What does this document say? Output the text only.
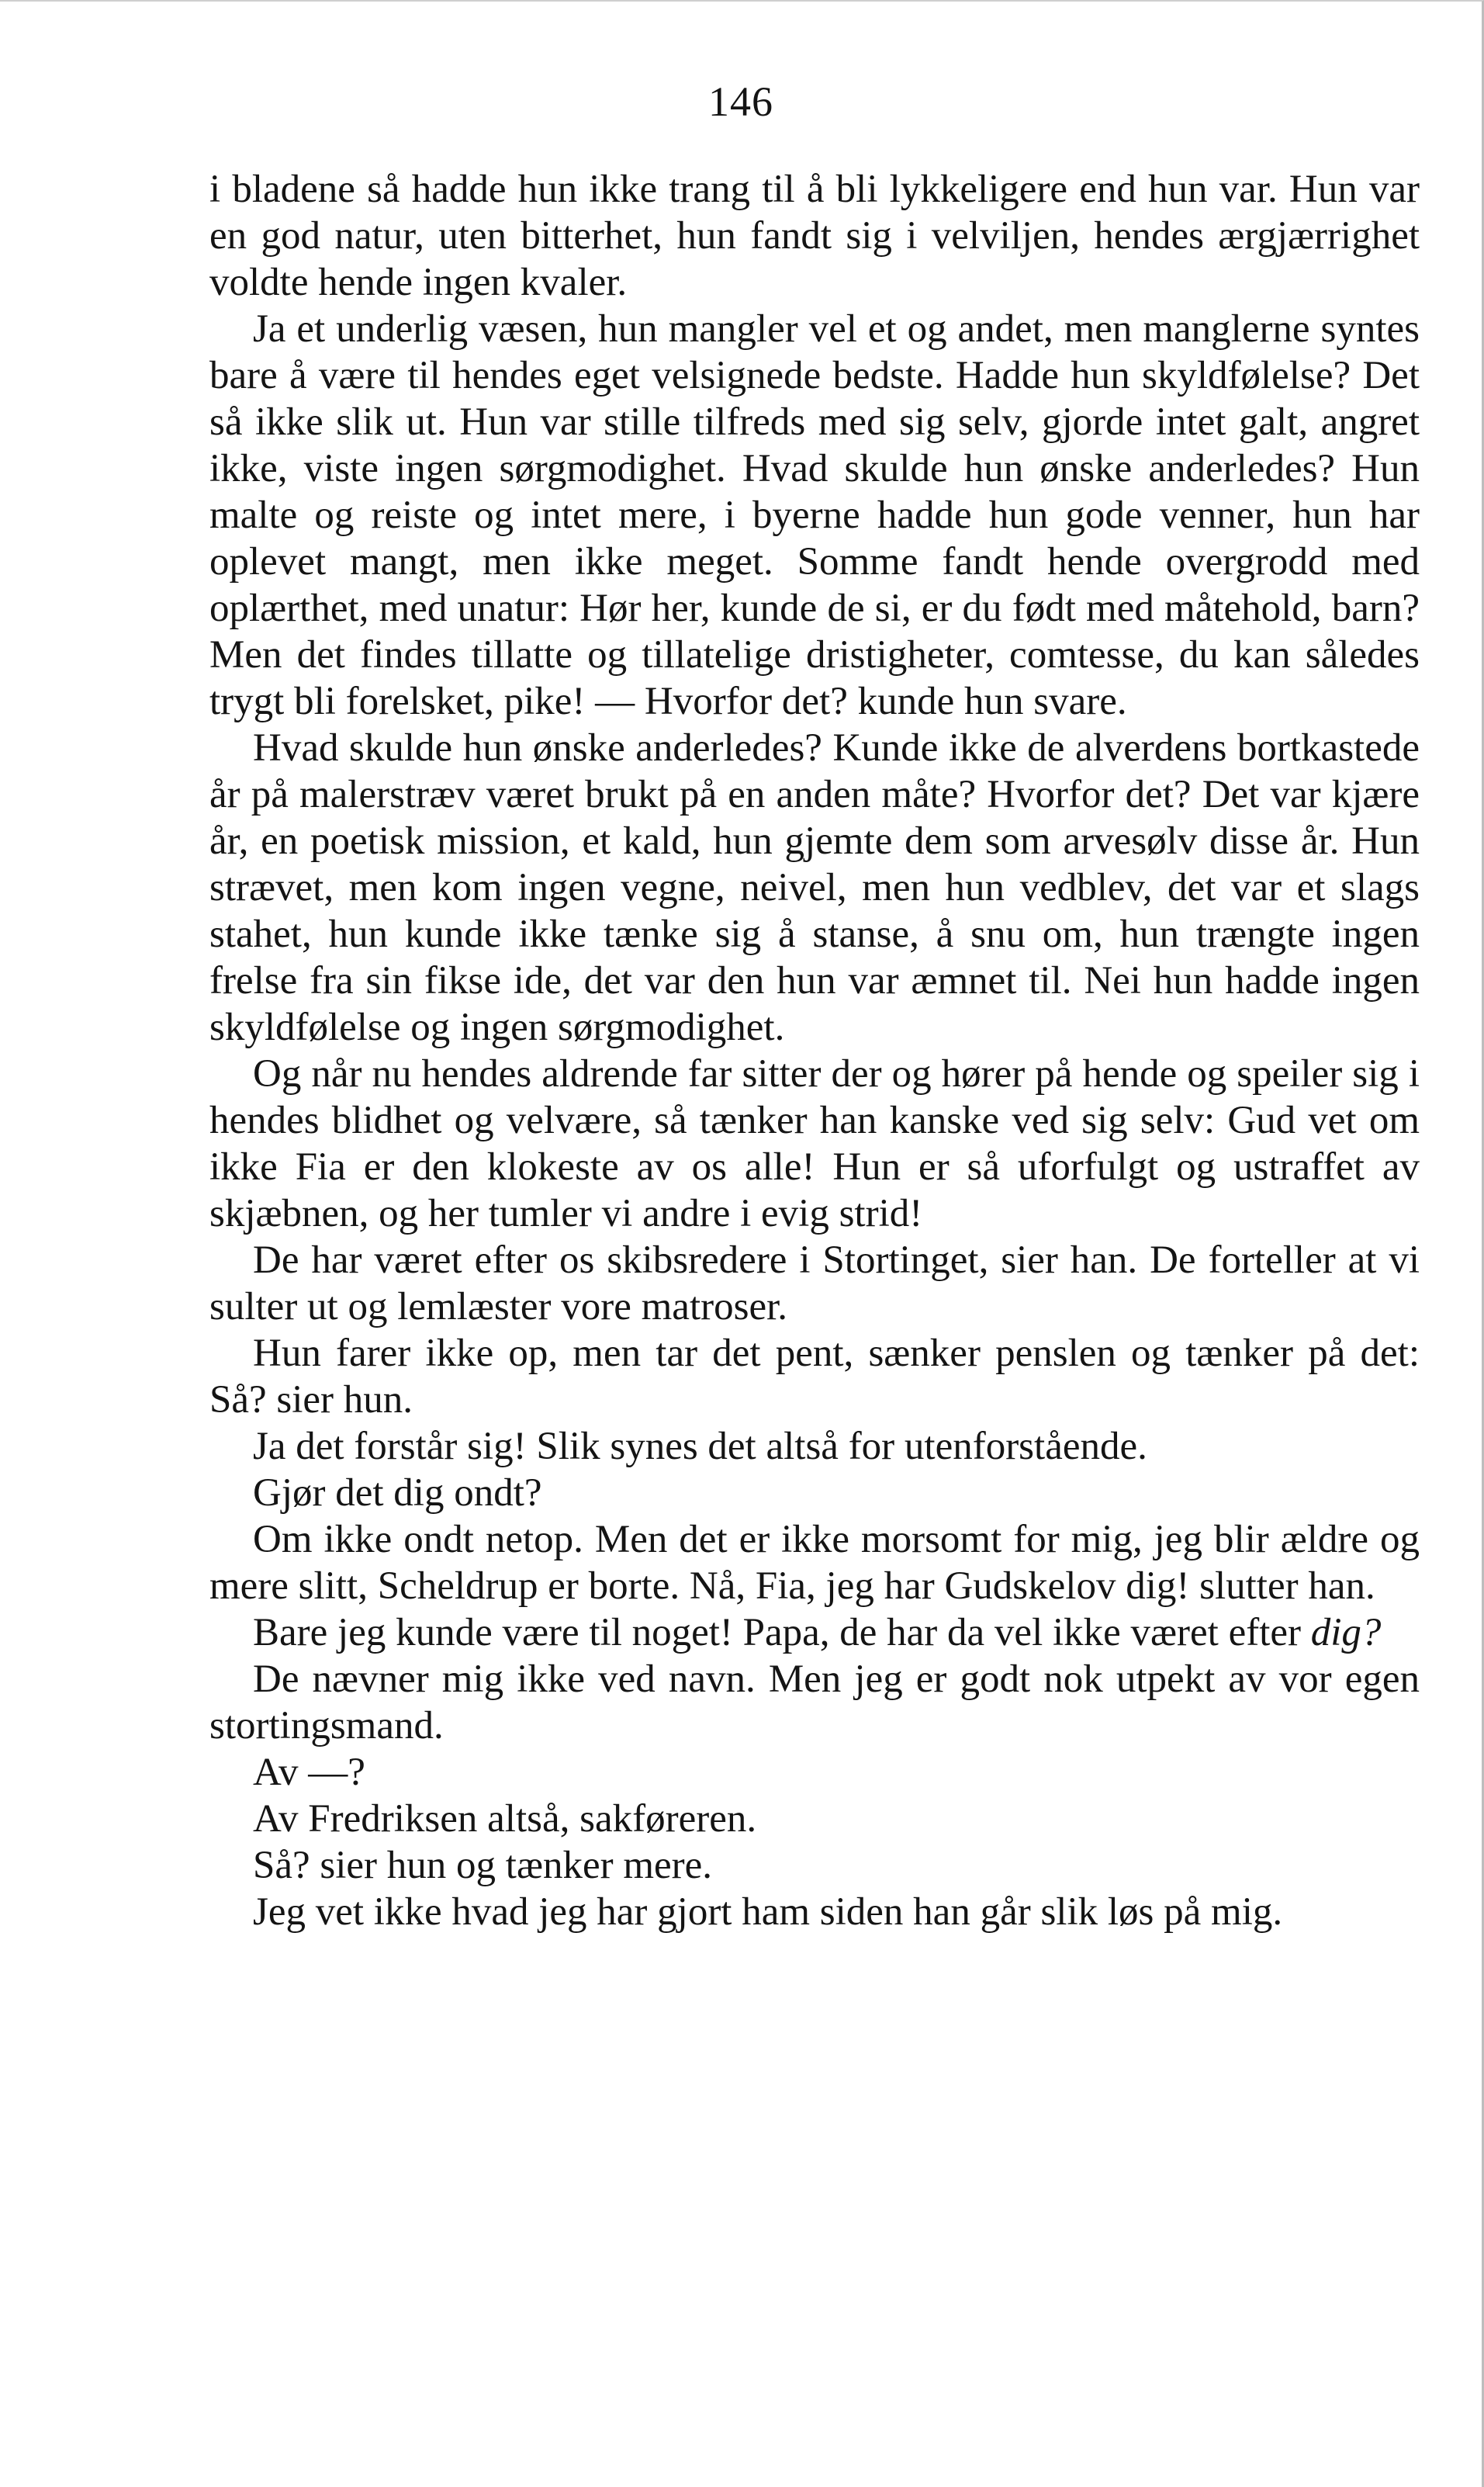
146

i bladene så hadde hun ikke trang til å bli lykkeligere end hun var. Hun var en god natur, uten bitterhet, hun fandt sig i velviljen, hendes ærgjærrighet voldte hende ingen kvaler.

Ja et underlig væsen, hun mangler vel et og andet, men manglerne syntes bare å være til hendes eget velsignede bedste. Hadde hun skyldfølelse? Det så ikke slik ut. Hun var stille tilfreds med sig selv, gjorde intet galt, angret ikke, viste ingen sørgmodighet. Hvad skulde hun ønske anderledes? Hun malte og reiste og intet mere, i byerne hadde hun gode venner, hun har oplevet mangt, men ikke meget. Somme fandt hende overgrodd med oplærthet, med unatur: Hør her, kunde de si, er du født med måtehold, barn? Men det findes tillatte og tillatelige dristigheter, comtesse, du kan således trygt bli forelsket, pike! — Hvorfor det? kunde hun svare.

Hvad skulde hun ønske anderledes? Kunde ikke de alverdens bortkastede år på malerstræv været brukt på en anden måte? Hvorfor det? Det var kjære år, en poetisk mission, et kald, hun gjemte dem som arvesølv disse år. Hun strævet, men kom ingen vegne, neivel, men hun vedblev, det var et slags stahet, hun kunde ikke tænke sig å stanse, å snu om, hun trængte ingen frelse fra sin fikse ide, det var den hun var æmnet til. Nei hun hadde ingen skyldfølelse og ingen sørgmodighet.

Og når nu hendes aldrende far sitter der og hører på hende og speiler sig i hendes blidhet og velvære, så tænker han kanske ved sig selv: Gud vet om ikke Fia er den klokeste av os alle! Hun er så uforfulgt og ustraffet av skjæbnen, og her tumler vi andre i evig strid!

De har været efter os skibsredere i Stortinget, sier han. De forteller at vi sulter ut og lemlæster vore matroser.

Hun farer ikke op, men tar det pent, sænker penslen og tænker på det: Så? sier hun.

Ja det forstår sig! Slik synes det altså for utenforstående.

Gjør det dig ondt?

Om ikke ondt netop. Men det er ikke morsomt for mig, jeg blir ældre og mere slitt, Scheldrup er borte. Nå, Fia, jeg har Gudskelov dig! slutter han.

Bare jeg kunde være til noget! Papa, de har da vel ikke været efter dig?

De nævner mig ikke ved navn. Men jeg er godt nok utpekt av vor egen stortingsmand.

Av —?

Av Fredriksen altså, sakføreren.

Så? sier hun og tænker mere.

Jeg vet ikke hvad jeg har gjort ham siden han går slik løs på mig.
